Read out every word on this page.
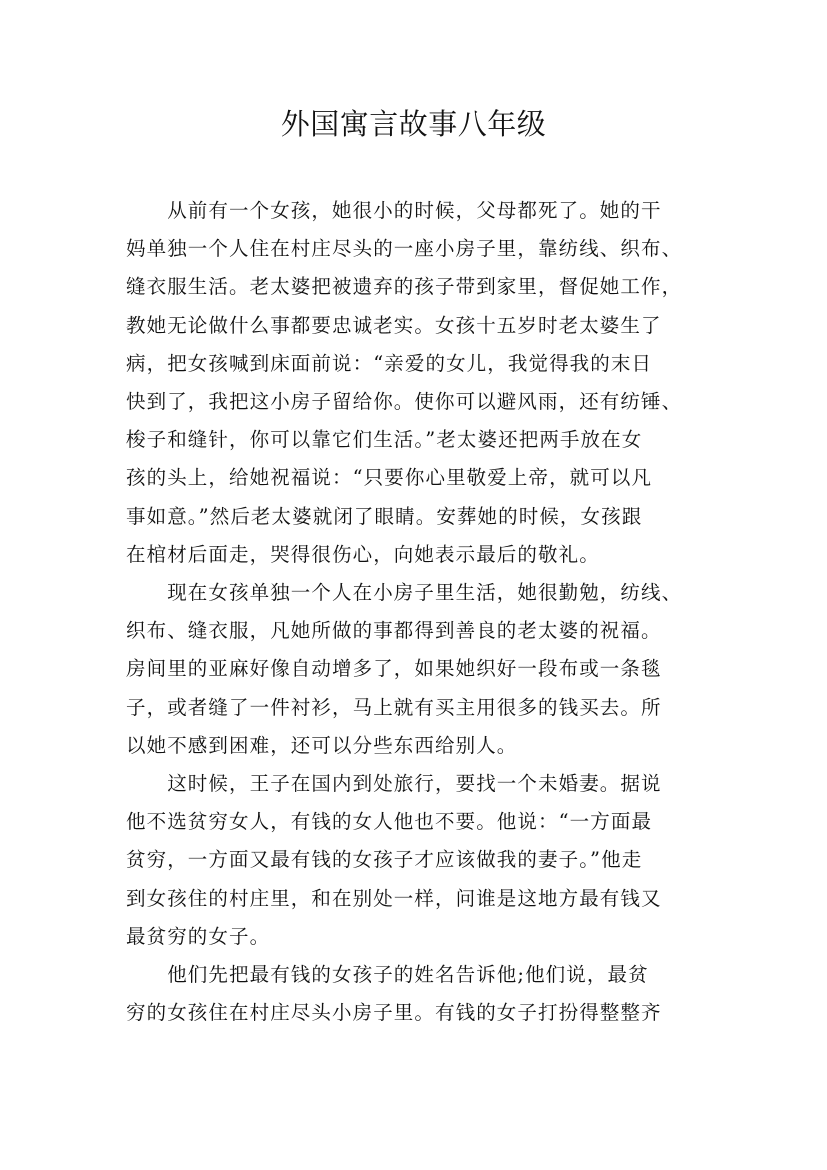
外国寓言故事八年级

　　从前有一个女孩，她很小的时候，父母都死了。她的干
妈单独一个人住在村庄尽头的一座小房子里，靠纺线、织布、
缝衣服生活。老太婆把被遗弃的孩子带到家里，督促她工作，
教她无论做什么事都要忠诚老实。女孩十五岁时老太婆生了
病，把女孩喊到床面前说：“亲爱的女儿，我觉得我的末日
快到了，我把这小房子留给你。使你可以避风雨，还有纺锤、
梭子和缝针，你可以靠它们生活。”老太婆还把两手放在女
孩的头上，给她祝福说：“只要你心里敬爱上帝，就可以凡
事如意。”然后老太婆就闭了眼睛。安葬她的时候，女孩跟
在棺材后面走，哭得很伤心，向她表示最后的敬礼。

　　现在女孩单独一个人在小房子里生活，她很勤勉，纺线、
织布、缝衣服，凡她所做的事都得到善良的老太婆的祝福。
房间里的亚麻好像自动增多了，如果她织好一段布或一条毯
子，或者缝了一件衬衫，马上就有买主用很多的钱买去。所
以她不感到困难，还可以分些东西给别人。

　　这时候，王子在国内到处旅行，要找一个未婚妻。据说
他不选贫穷女人，有钱的女人他也不要。他说：“一方面最
贫穷，一方面又最有钱的女孩子才应该做我的妻子。”他走
到女孩住的村庄里，和在别处一样，问谁是这地方最有钱又
最贫穷的女子。

　　他们先把最有钱的女孩子的姓名告诉他;他们说，最贫
穷的女孩住在村庄尽头小房子里。有钱的女子打扮得整整齐
